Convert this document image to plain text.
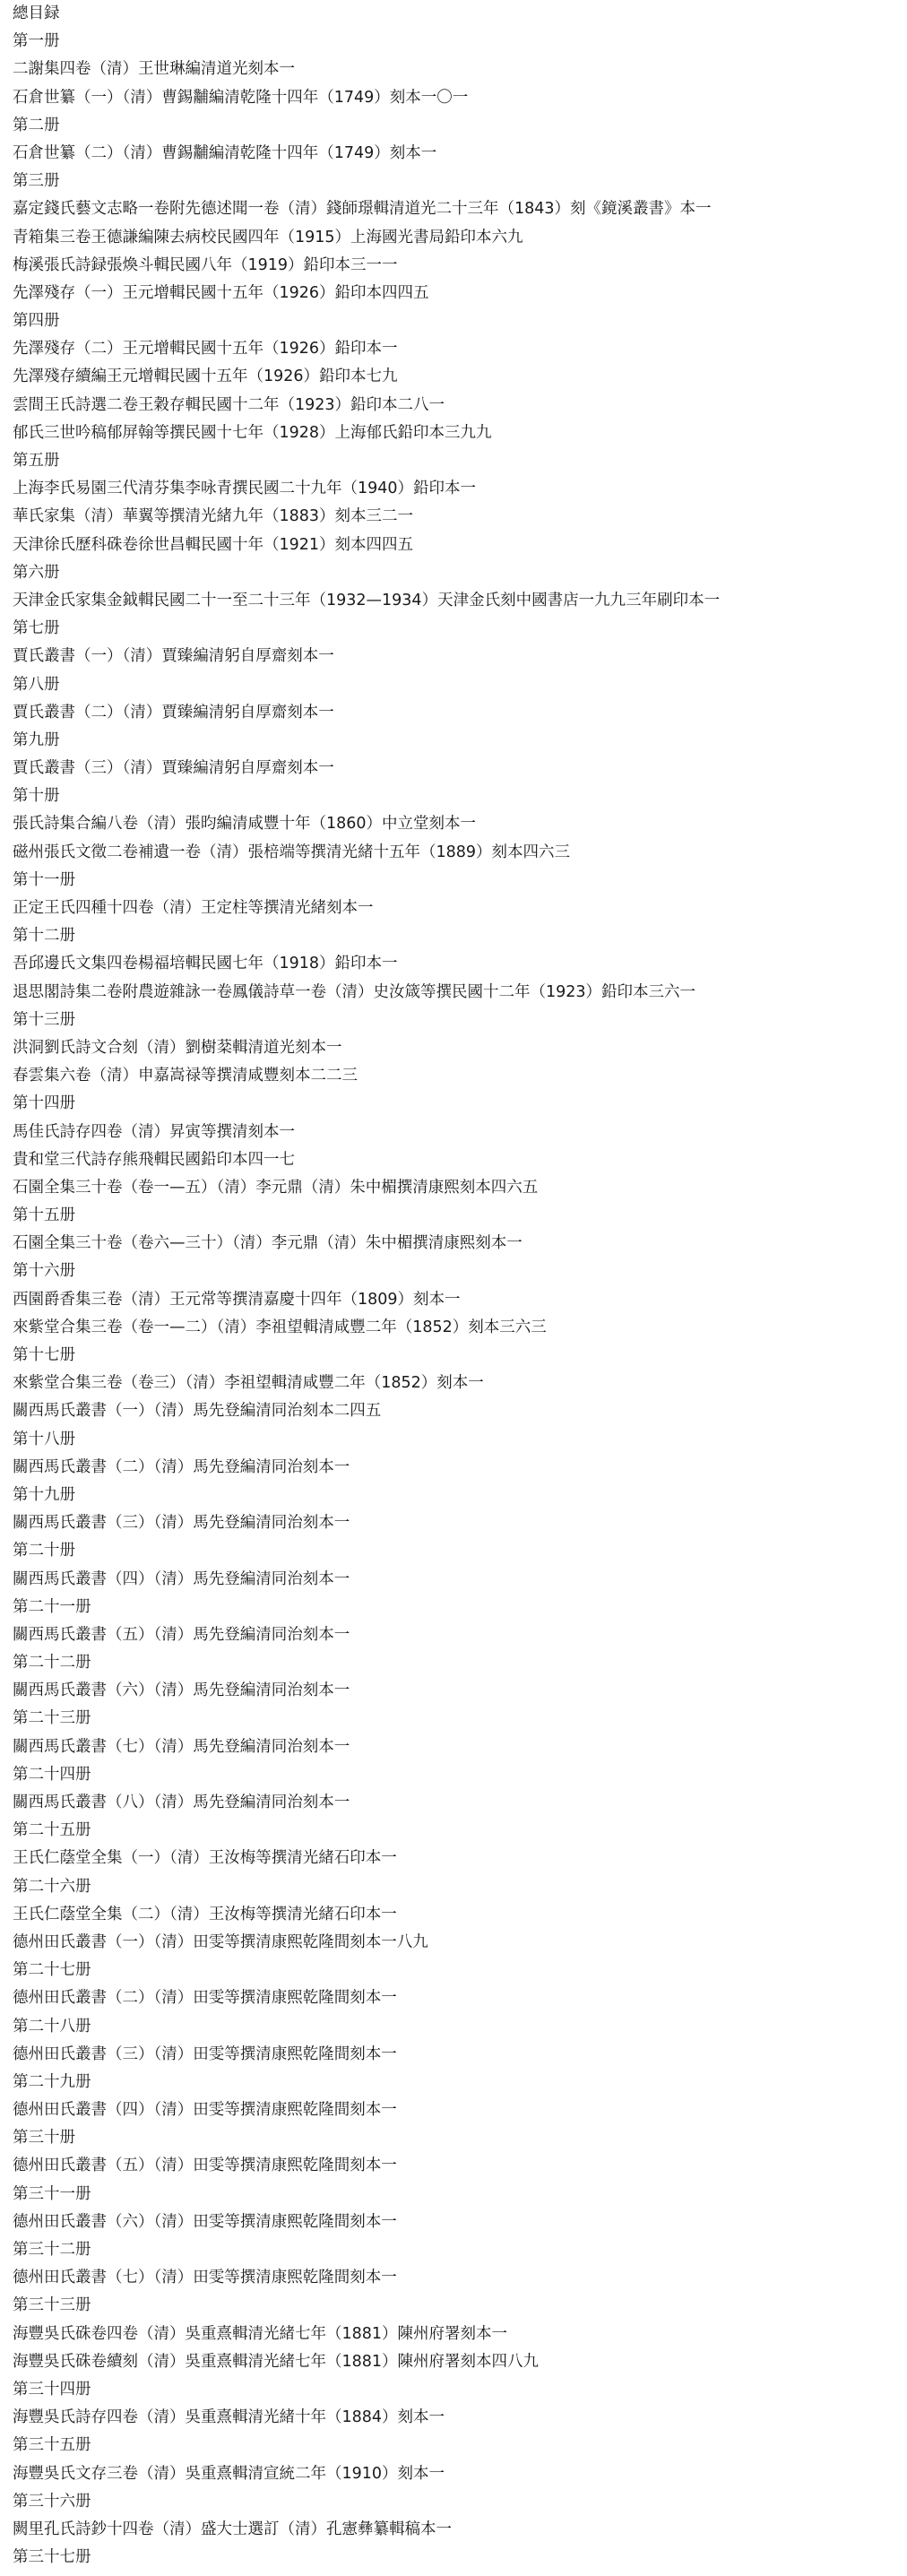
總目録
第一册
二謝集四卷（清）王世琳編清道光刻本一
石倉世纂（一）（清）曹錫黼編清乾隆十四年（1749）刻本一〇一
第二册
石倉世纂（二）（清）曹錫黼編清乾隆十四年（1749）刻本一
第三册
嘉定錢氏藝文志略一卷附先德述聞一卷（清）錢師璟輯清道光二十三年（1843）刻《鏡溪叢書》本一
青箱集三卷王德謙編陳去病校民國四年（1915）上海國光書局鉛印本六九
梅溪張氏詩録張煥斗輯民國八年（1919）鉛印本三一一
先澤殘存（一）王元增輯民國十五年（1926）鉛印本四四五
第四册
先澤殘存（二）王元增輯民國十五年（1926）鉛印本一
先澤殘存續編王元增輯民國十五年（1926）鉛印本七九
雲間王氏詩選二卷王穀存輯民國十二年（1923）鉛印本二八一
郁氏三世吟稿郁屏翰等撰民國十七年（1928）上海郁氏鉛印本三九九
第五册
上海李氏易園三代清芬集李咏青撰民國二十九年（1940）鉛印本一
華氏家集（清）華翼等撰清光緒九年（1883）刻本三二一
天津徐氏歷科硃卷徐世昌輯民國十年（1921）刻本四四五
第六册
天津金氏家集金鉞輯民國二十一至二十三年（1932—1934）天津金氏刻中國書店一九九三年刷印本一
第七册
賈氏叢書（一）（清）賈臻編清躬自厚齋刻本一
第八册
賈氏叢書（二）（清）賈臻編清躬自厚齋刻本一
第九册
賈氏叢書（三）（清）賈臻編清躬自厚齋刻本一
第十册
張氏詩集合編八卷（清）張昀編清咸豐十年（1860）中立堂刻本一
磁州張氏文徵二卷補遺一卷（清）張棓端等撰清光緒十五年（1889）刻本四六三
第十一册
正定王氏四種十四卷（清）王定柱等撰清光緒刻本一
第十二册
吾邱邊氏文集四卷楊福培輯民國七年（1918）鉛印本一
退思閣詩集二卷附農遊雜詠一卷鳳儀詩草一卷（清）史汝箴等撰民國十二年（1923）鉛印本三六一
第十三册
洪洞劉氏詩文合刻（清）劉樹棻輯清道光刻本一
春雲集六卷（清）申嘉嵩禄等撰清咸豐刻本二二三
第十四册
馬佳氏詩存四卷（清）昇寅等撰清刻本一
貴和堂三代詩存熊飛輯民國鉛印本四一七
石園全集三十卷（卷一—五）（清）李元鼎（清）朱中楣撰清康熙刻本四六五
第十五册
石園全集三十卷（卷六—三十）（清）李元鼎（清）朱中楣撰清康熙刻本一
第十六册
西園爵香集三卷（清）王元常等撰清嘉慶十四年（1809）刻本一
來紫堂合集三卷（卷一—二）（清）李祖望輯清咸豐二年（1852）刻本三六三
第十七册
來紫堂合集三卷（卷三）（清）李祖望輯清咸豐二年（1852）刻本一
關西馬氏叢書（一）（清）馬先登編清同治刻本二四五
第十八册
關西馬氏叢書（二）（清）馬先登編清同治刻本一
第十九册
關西馬氏叢書（三）（清）馬先登編清同治刻本一
第二十册
關西馬氏叢書（四）（清）馬先登編清同治刻本一
第二十一册
關西馬氏叢書（五）（清）馬先登編清同治刻本一
第二十二册
關西馬氏叢書（六）（清）馬先登編清同治刻本一
第二十三册
關西馬氏叢書（七）（清）馬先登編清同治刻本一
第二十四册
關西馬氏叢書（八）（清）馬先登編清同治刻本一
第二十五册
王氏仁蔭堂全集（一）（清）王汝梅等撰清光緒石印本一
第二十六册
王氏仁蔭堂全集（二）（清）王汝梅等撰清光緒石印本一
德州田氏叢書（一）（清）田雯等撰清康熙乾隆間刻本一八九
第二十七册
德州田氏叢書（二）（清）田雯等撰清康熙乾隆間刻本一
第二十八册
德州田氏叢書（三）（清）田雯等撰清康熙乾隆間刻本一
第二十九册
德州田氏叢書（四）（清）田雯等撰清康熙乾隆間刻本一
第三十册
德州田氏叢書（五）（清）田雯等撰清康熙乾隆間刻本一
第三十一册
德州田氏叢書（六）（清）田雯等撰清康熙乾隆間刻本一
第三十二册
德州田氏叢書（七）（清）田雯等撰清康熙乾隆間刻本一
第三十三册
海豐吳氏硃卷四卷（清）吳重熹輯清光緒七年（1881）陳州府署刻本一
海豐吳氏硃卷續刻（清）吳重熹輯清光緒七年（1881）陳州府署刻本四八九
第三十四册
海豐吳氏詩存四卷（清）吳重熹輯清光緒十年（1884）刻本一
第三十五册
海豐吳氏文存三卷（清）吳重熹輯清宣統二年（1910）刻本一
第三十六册
闕里孔氏詩鈔十四卷（清）盛大士選訂（清）孔憲彝纂輯稿本一
第三十七册
